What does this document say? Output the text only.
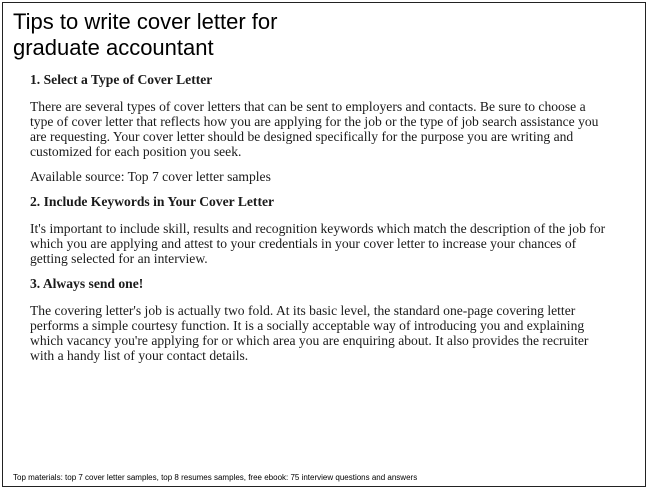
Tips to write cover letter for
graduate accountant
1. Select a Type of Cover Letter
There are several types of cover letters that can be sent to employers and contacts. Be sure to choose a type of cover letter that reflects how you are applying for the job or the type of job search assistance you are requesting. Your cover letter should be designed specifically for the purpose you are writing and customized for each position you seek.
Available source: Top 7 cover letter samples
2. Include Keywords in Your Cover Letter
It's important to include skill, results and recognition keywords which match the description of the job for which you are applying and attest to your credentials in your cover letter to increase your chances of getting selected for an interview.
3. Always send one!
The covering letter's job is actually two fold. At its basic level, the standard one-page covering letter performs a simple courtesy function. It is a socially acceptable way of introducing you and explaining which vacancy you're applying for or which area you are enquiring about. It also provides the recruiter with a handy list of your contact details.
Top materials: top 7 cover letter samples, top 8 resumes samples, free ebook: 75 interview questions and answers
